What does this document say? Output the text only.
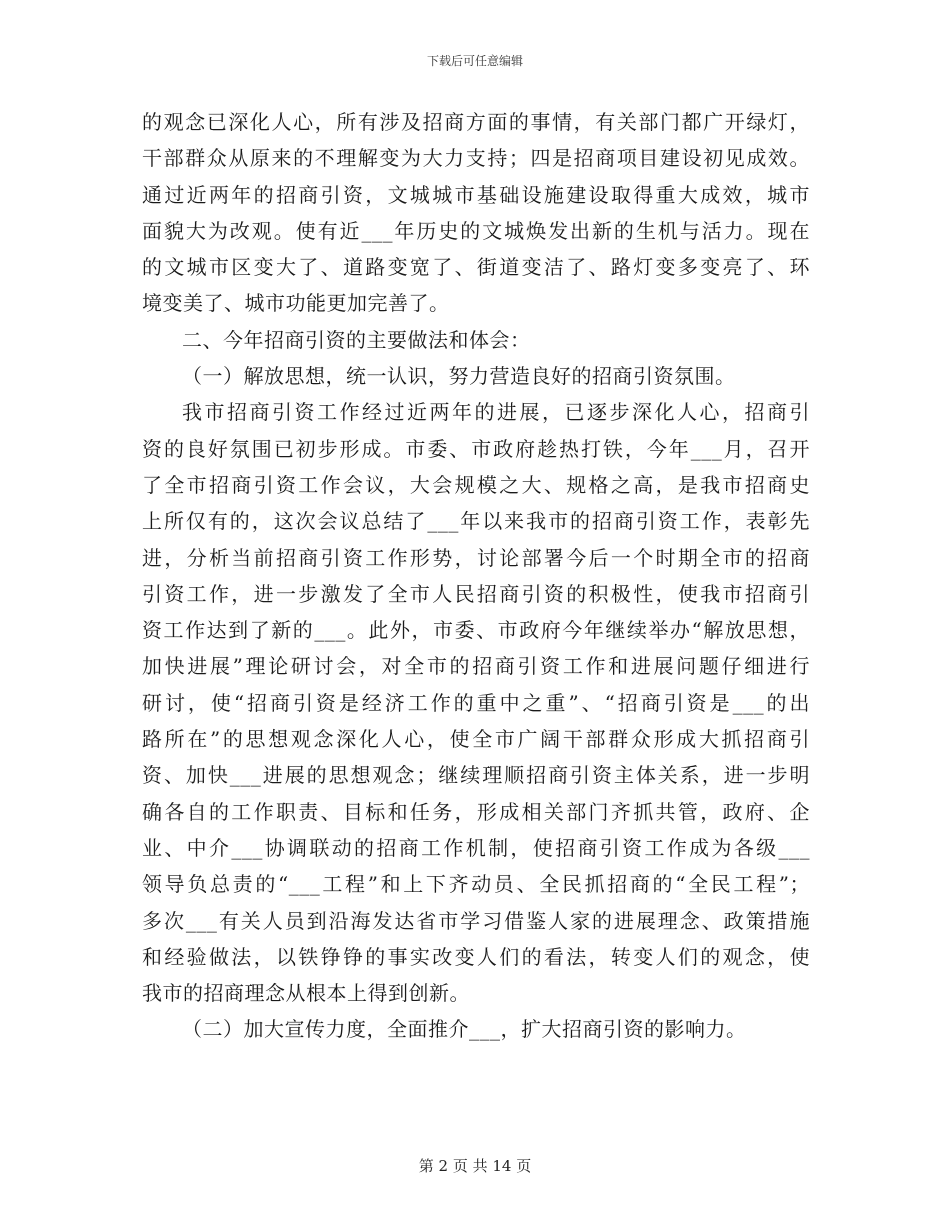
下载后可任意编辑
的观念已深化人心，所有涉及招商方面的事情，有关部门都广开绿灯，
干部群众从原来的不理解变为大力支持；四是招商项目建设初见成效。
通过近两年的招商引资，文城城市基础设施建设取得重大成效，城市
面貌大为改观。使有近___年历史的文城焕发出新的生机与活力。现在
的文城市区变大了、道路变宽了、街道变洁了、路灯变多变亮了、环
境变美了、城市功能更加完善了。
二、今年招商引资的主要做法和体会：
（一）解放思想，统一认识，努力营造良好的招商引资氛围。
我市招商引资工作经过近两年的进展，已逐步深化人心，招商引
资的良好氛围已初步形成。市委、市政府趁热打铁，今年___月，召开
了全市招商引资工作会议，大会规模之大、规格之高，是我市招商史
上所仅有的，这次会议总结了___年以来我市的招商引资工作，表彰先
进，分析当前招商引资工作形势，讨论部署今后一个时期全市的招商
引资工作，进一步激发了全市人民招商引资的积极性，使我市招商引
资工作达到了新的___。此外，市委、市政府今年继续举办“解放思想，
加快进展”理论研讨会，对全市的招商引资工作和进展问题仔细进行
研讨，使“招商引资是经济工作的重中之重”、“招商引资是___的出
路所在”的思想观念深化人心，使全市广阔干部群众形成大抓招商引
资、加快___进展的思想观念；继续理顺招商引资主体关系，进一步明
确各自的工作职责、目标和任务，形成相关部门齐抓共管，政府、企
业、中介___协调联动的招商工作机制，使招商引资工作成为各级___
领导负总责的“___工程”和上下齐动员、全民抓招商的“全民工程”；
多次___有关人员到沿海发达省市学习借鉴人家的进展理念、政策措施
和经验做法，以铁铮铮的事实改变人们的看法，转变人们的观念，使
我市的招商理念从根本上得到创新。
（二）加大宣传力度，全面推介___，扩大招商引资的影响力。
第 2 页 共 14 页
